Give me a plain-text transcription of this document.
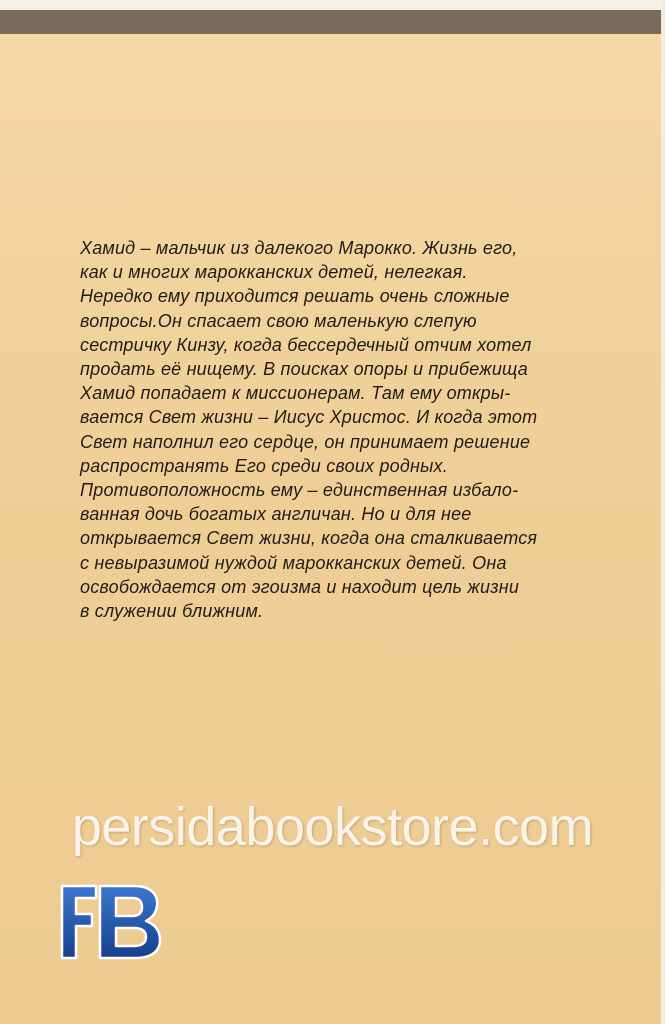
Хамид – мальчик из далекого Марокко. Жизнь его,
как и многих марокканских детей, нелегкая.
Нередко ему приходится решать очень сложные
вопросы.Он спасает свою маленькую слепую
сестричку Кинзу, когда бессердечный отчим хотел
продать её нищему. В поисках опоры и прибежища
Хамид попадает к миссионерам. Там ему откры-
вается Свет жизни – Иисус Христос. И когда этот
Свет наполнил его сердце, он принимает решение
распространять Его среди своих родных.
Противоположность ему – единственная избало-
ванная дочь богатых англичан. Но и для нее
открывается Свет жизни, когда она сталкивается
с невыразимой нуждой марокканских детей. Она
освобождается от эгоизма и находит цель жизни
в служении ближним.
persidabookstore.com
